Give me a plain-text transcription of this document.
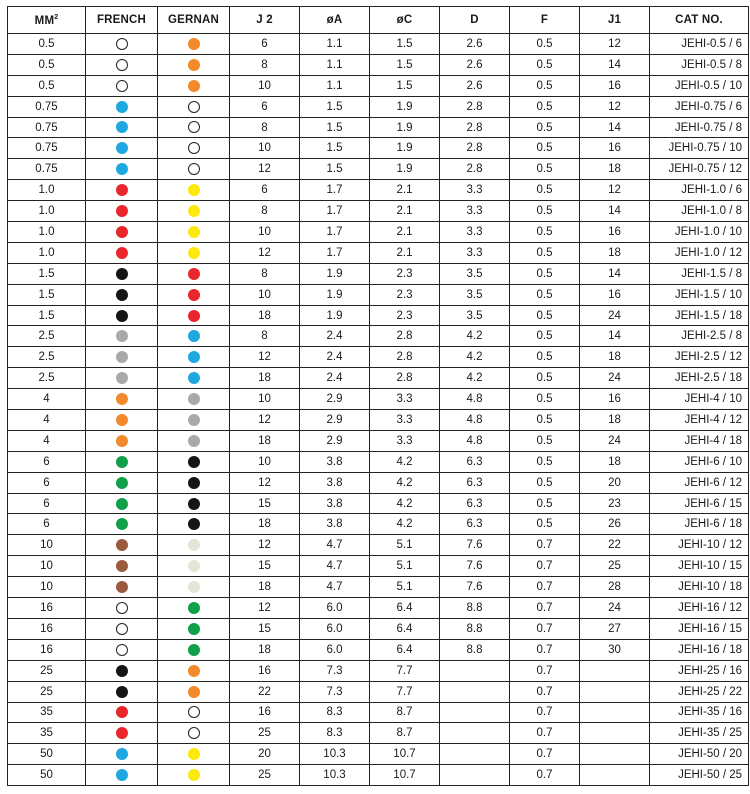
$MM^2$	FRENCH	GERNAN	J 2	øA	øC	D	F	J1	CAT NO.
0.5			6	1.1	1.5	2.6	0.5	12	JEHI-0.5 / 6
0.5			8	1.1	1.5	2.6	0.5	14	JEHI-0.5 / 8
0.5			10	1.1	1.5	2.6	0.5	16	JEHI-0.5 / 10
0.75			6	1.5	1.9	2.8	0.5	12	JEHI-0.75 / 6
0.75			8	1.5	1.9	2.8	0.5	14	JEHI-0.75 / 8
0.75			10	1.5	1.9	2.8	0.5	16	JEHI-0.75 / 10
0.75			12	1.5	1.9	2.8	0.5	18	JEHI-0.75 / 12
1.0			6	1.7	2.1	3.3	0.5	12	JEHI-1.0 / 6
1.0			8	1.7	2.1	3.3	0.5	14	JEHI-1.0 / 8
1.0			10	1.7	2.1	3.3	0.5	16	JEHI-1.0 / 10
1.0			12	1.7	2.1	3.3	0.5	18	JEHI-1.0 / 12
1.5			8	1.9	2.3	3.5	0.5	14	JEHI-1.5 / 8
1.5			10	1.9	2.3	3.5	0.5	16	JEHI-1.5 / 10
1.5			18	1.9	2.3	3.5	0.5	24	JEHI-1.5 / 18
2.5			8	2.4	2.8	4.2	0.5	14	JEHI-2.5 / 8
2.5			12	2.4	2.8	4.2	0.5	18	JEHI-2.5 / 12
2.5			18	2.4	2.8	4.2	0.5	24	JEHI-2.5 / 18
4			10	2.9	3.3	4.8	0.5	16	JEHI-4 / 10
4			12	2.9	3.3	4.8	0.5	18	JEHI-4 / 12
4			18	2.9	3.3	4.8	0.5	24	JEHI-4 / 18
6			10	3.8	4.2	6.3	0.5	18	JEHI-6 / 10
6			12	3.8	4.2	6.3	0.5	20	JEHI-6 / 12
6			15	3.8	4.2	6.3	0.5	23	JEHI-6 / 15
6			18	3.8	4.2	6.3	0.5	26	JEHI-6 / 18
10			12	4.7	5.1	7.6	0.7	22	JEHI-10 / 12
10			15	4.7	5.1	7.6	0.7	25	JEHI-10 / 15
10			18	4.7	5.1	7.6	0.7	28	JEHI-10 / 18
16			12	6.0	6.4	8.8	0.7	24	JEHI-16 / 12
16			15	6.0	6.4	8.8	0.7	27	JEHI-16 / 15
16			18	6.0	6.4	8.8	0.7	30	JEHI-16 / 18
25			16	7.3	7.7		0.7		JEHI-25 / 16
25			22	7.3	7.7		0.7		JEHI-25 / 22
35			16	8.3	8.7		0.7		JEHI-35 / 16
35			25	8.3	8.7		0.7		JEHI-35 / 25
50			20	10.3	10.7		0.7		JEHI-50 / 20
50			25	10.3	10.7		0.7		JEHI-50 / 25
